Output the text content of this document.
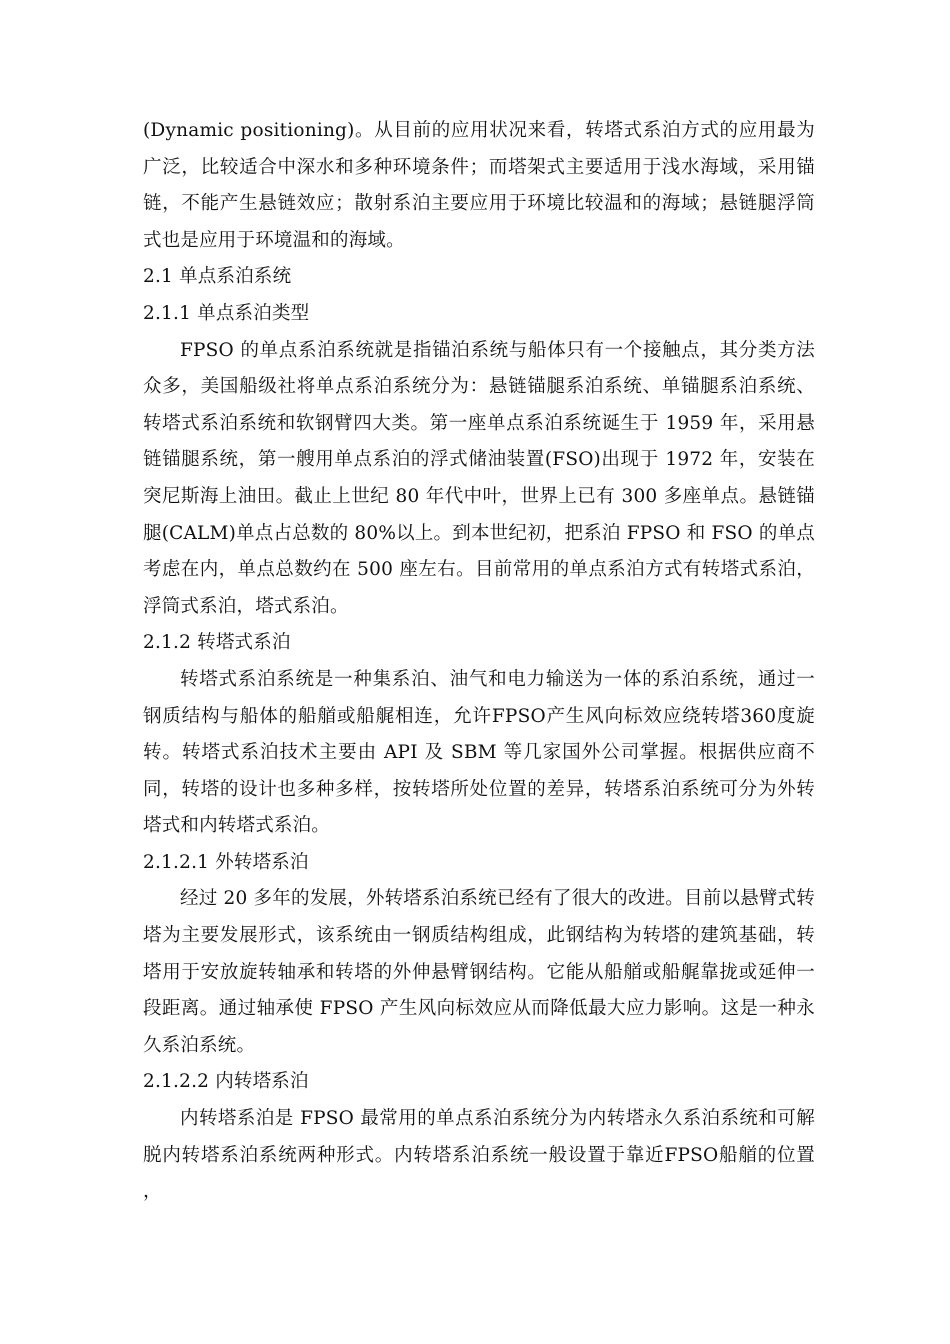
(Dynamic positioning)。从目前的应用状况来看，转塔式系泊方式的应用最为广泛，比较适合中深水和多种环境条件；而塔架式主要适用于浅水海域，采用锚链，不能产生悬链效应；散射系泊主要应用于环境比较温和的海域；悬链腿浮筒式也是应用于环境温和的海域。

2.1 单点系泊系统

2.1.1 单点系泊类型

FPSO 的单点系泊系统就是指锚泊系统与船体只有一个接触点，其分类方法众多，美国船级社将单点系泊系统分为：悬链锚腿系泊系统、单锚腿系泊系统、转塔式系泊系统和软钢臂四大类。第一座单点系泊系统诞生于 1959 年，采用悬链锚腿系统，第一艘用单点系泊的浮式储油装置(FSO)出现于 1972 年，安装在突尼斯海上油田。截止上世纪 80 年代中叶，世界上已有 300 多座单点。悬链锚腿(CALM)单点占总数的 80%以上。到本世纪初，把系泊 FPSO 和 FSO 的单点考虑在内，单点总数约在 500 座左右。目前常用的单点系泊方式有转塔式系泊，浮筒式系泊，塔式系泊。

2.1.2 转塔式系泊

转塔式系泊系统是一种集系泊、油气和电力输送为一体的系泊系统，通过一钢质结构与船体的船艏或船艉相连，允许FPSO产生风向标效应绕转塔360度旋转。转塔式系泊技术主要由 API 及 SBM 等几家国外公司掌握。根据供应商不同，转塔的设计也多种多样，按转塔所处位置的差异，转塔系泊系统可分为外转塔式和内转塔式系泊。

2.1.2.1 外转塔系泊

经过 20 多年的发展，外转塔系泊系统已经有了很大的改进。目前以悬臂式转塔为主要发展形式，该系统由一钢质结构组成，此钢结构为转塔的建筑基础，转塔用于安放旋转轴承和转塔的外伸悬臂钢结构。它能从船艏或船艉靠拢或延伸一段距离。通过轴承使 FPSO 产生风向标效应从而降低最大应力影响。这是一种永久系泊系统。

2.1.2.2 内转塔系泊

内转塔系泊是 FPSO 最常用的单点系泊系统分为内转塔永久系泊系统和可解脱内转塔系泊系统两种形式。内转塔系泊系统一般设置于靠近FPSO船艏的位置 ，
